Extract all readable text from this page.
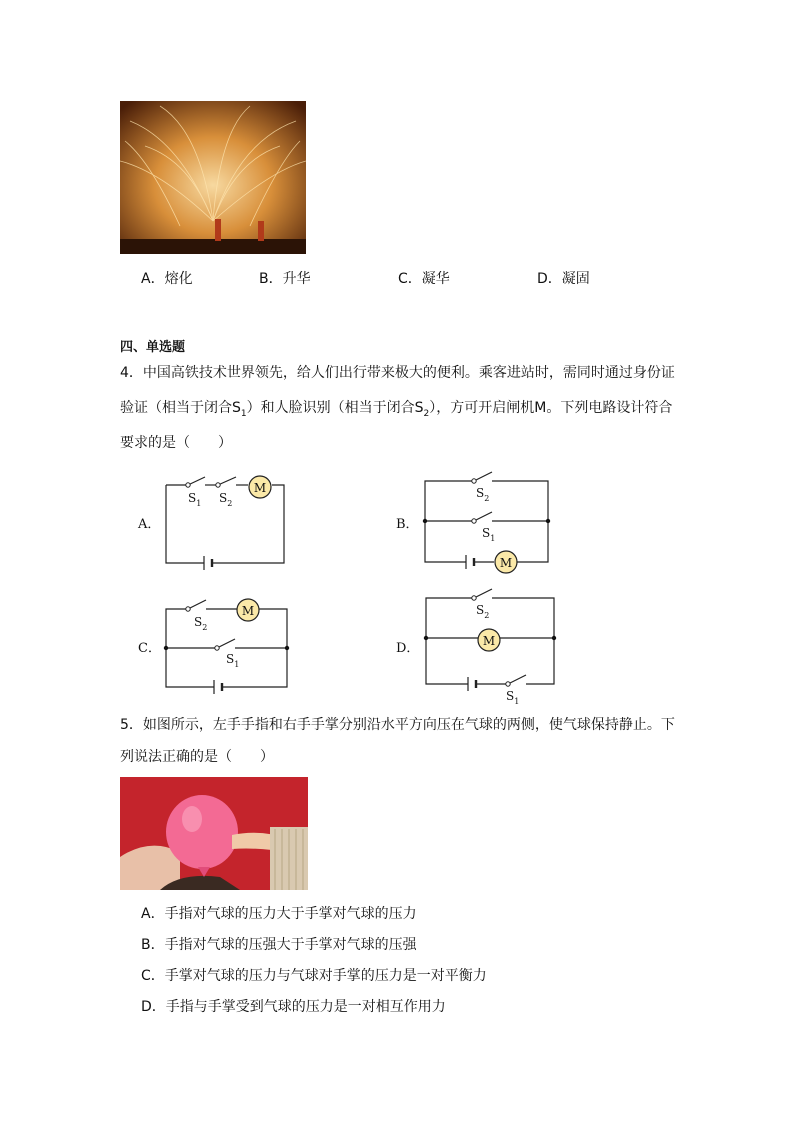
A．熔化	B．升华	C．凝华	D．凝固
四、单选题
4．中国高铁技术世界领先，给人们出行带来极大的便利。乘客进站时，需同时通过身份证
验证（相当于闭合$S_1$）和人脸识别（相当于闭合$S_2$），方可开启闸机M。下列电路设计符合
要求的是（　　）
A．
$S_1$ $S_2$
M
B．
$S_2$
$S_1$
M
C．
$S_2$
$S_1$
M
D．
$S_2$
$S_1$
M
5．如图所示，左手手指和右手手掌分别沿水平方向压在气球的两侧，使气球保持静止。下
列说法正确的是（　　）
A．手指对气球的压力大于手掌对气球的压力
B．手指对气球的压强大于手掌对气球的压强
C．手掌对气球的压力与气球对手掌的压力是一对平衡力
D．手指与手掌受到气球的压力是一对相互作用力
